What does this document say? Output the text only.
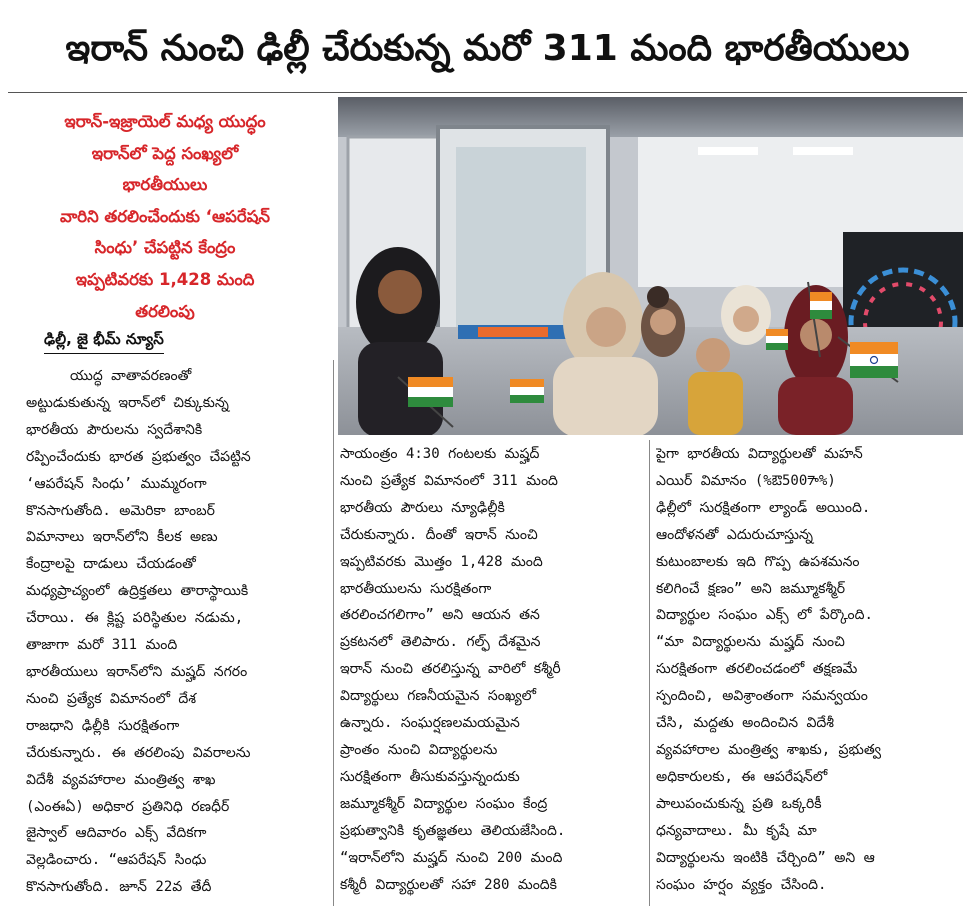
ఇరాన్ నుంచి ఢిల్లీ చేరుకున్న మరో 311 మంది భారతీయులు
ఇరాన్-ఇజ్రాయెల్ మధ్య యుద్ధం
ఇరాన్‌లో పెద్ద సంఖ్యలో
భారతీయులు
వారిని తరలించేందుకు ‘ఆపరేషన్
సింధు’ చేపట్టిన కేంద్రం
ఇప్పటివరకు 1,428 మంది
తరలింపు
ఢిల్లీ, జై భీమ్ న్యూస్
యుద్ధ వాతావరణంతో
అట్టుడుకుతున్న ఇరాన్‌లో చిక్కుకున్న
భారతీయ పౌరులను స్వదేశానికి
రప్పించేందుకు భారత ప్రభుత్వం చేపట్టిన
‘ఆపరేషన్ సింధు’ ముమ్మరంగా
కొనసాగుతోంది. అమెరికా బాంబర్
విమానాలు ఇరాన్‌లోని కీలక అణు
కేంద్రాలపై దాడులు చేయడంతో
మధ్యప్రాచ్యంలో ఉద్రిక్తతలు తారాస్థాయికి
చేరాయి. ఈ క్లిష్ట పరిస్థితుల నడుమ,
తాజాగా మరో 311 మంది
భారతీయులు ఇరాన్‌లోని మష్హద్ నగరం
నుంచి ప్రత్యేక విమానంలో దేశ
రాజధాని ఢిల్లీకి సురక్షితంగా
చేరుకున్నారు. ఈ తరలింపు వివరాలను
విదేశీ వ్యవహారాల మంత్రిత్వ శాఖ
(ఎంఈఏ) అధికార ప్రతినిధి రణధీర్
జైస్వాల్ ఆదివారం ఎక్స్ వేదికగా
వెల్లడించారు. “ఆపరేషన్ సింధు
కొనసాగుతోంది. జూన్ 22వ తేదీ
సాయంత్రం 4:30 గంటలకు మష్హద్
నుంచి ప్రత్యేక విమానంలో 311 మంది
భారతీయ పౌరులు న్యూఢిల్లీకి
చేరుకున్నారు. దీంతో ఇరాన్ నుంచి
ఇప్పటివరకు మొత్తం 1,428 మంది
భారతీయులను సురక్షితంగా
తరలించగలిగాం” అని ఆయన తన
ప్రకటనలో తెలిపారు. గల్ఫ్ దేశమైన
ఇరాన్ నుంచి తరలిస్తున్న వారిలో కశ్మీరీ
విద్యార్థులు గణనీయమైన సంఖ్యలో
ఉన్నారు. సంఘర్షణలమయమైన
ప్రాంతం నుంచి విద్యార్థులను
సురక్షితంగా తీసుకువస్తున్నందుకు
జమ్మూకశ్మీర్ విద్యార్థుల సంఘం కేంద్ర
ప్రభుత్వానికి కృతజ్ఞతలు తెలియజేసింది.
“ఇరాన్‌లోని మష్హద్ నుంచి 200 మంది
కశ్మీరీ విద్యార్థులతో సహా 280 మందికి
పైగా భారతీయ విద్యార్థులతో మహన్
ఎయిర్ విమానం (%ఔ5007ా%)
ఢిల్లీలో సురక్షితంగా ల్యాండ్ అయింది.
ఆందోళనతో ఎదురుచూస్తున్న
కుటుంబాలకు ఇది గొప్ప ఉపశమనం
కలిగించే క్షణం” అని జమ్మూకశ్మీర్
విద్యార్థుల సంఘం ఎక్స్ లో పేర్కొంది.
“మా విద్యార్థులను మష్హద్ నుంచి
సురక్షితంగా తరలించడంలో తక్షణమే
స్పందించి, అవిశ్రాంతంగా సమన్వయం
చేసి, మద్దతు అందించిన విదేశీ
వ్యవహారాల మంత్రిత్వ శాఖకు, ప్రభుత్వ
అధికారులకు, ఈ ఆపరేషన్‌లో
పాలుపంచుకున్న ప్రతి ఒక్కరికీ
ధన్యవాదాలు. మీ కృషే మా
విద్యార్థులను ఇంటికి చేర్చింది” అని ఆ
సంఘం హర్షం వ్యక్తం చేసింది.
